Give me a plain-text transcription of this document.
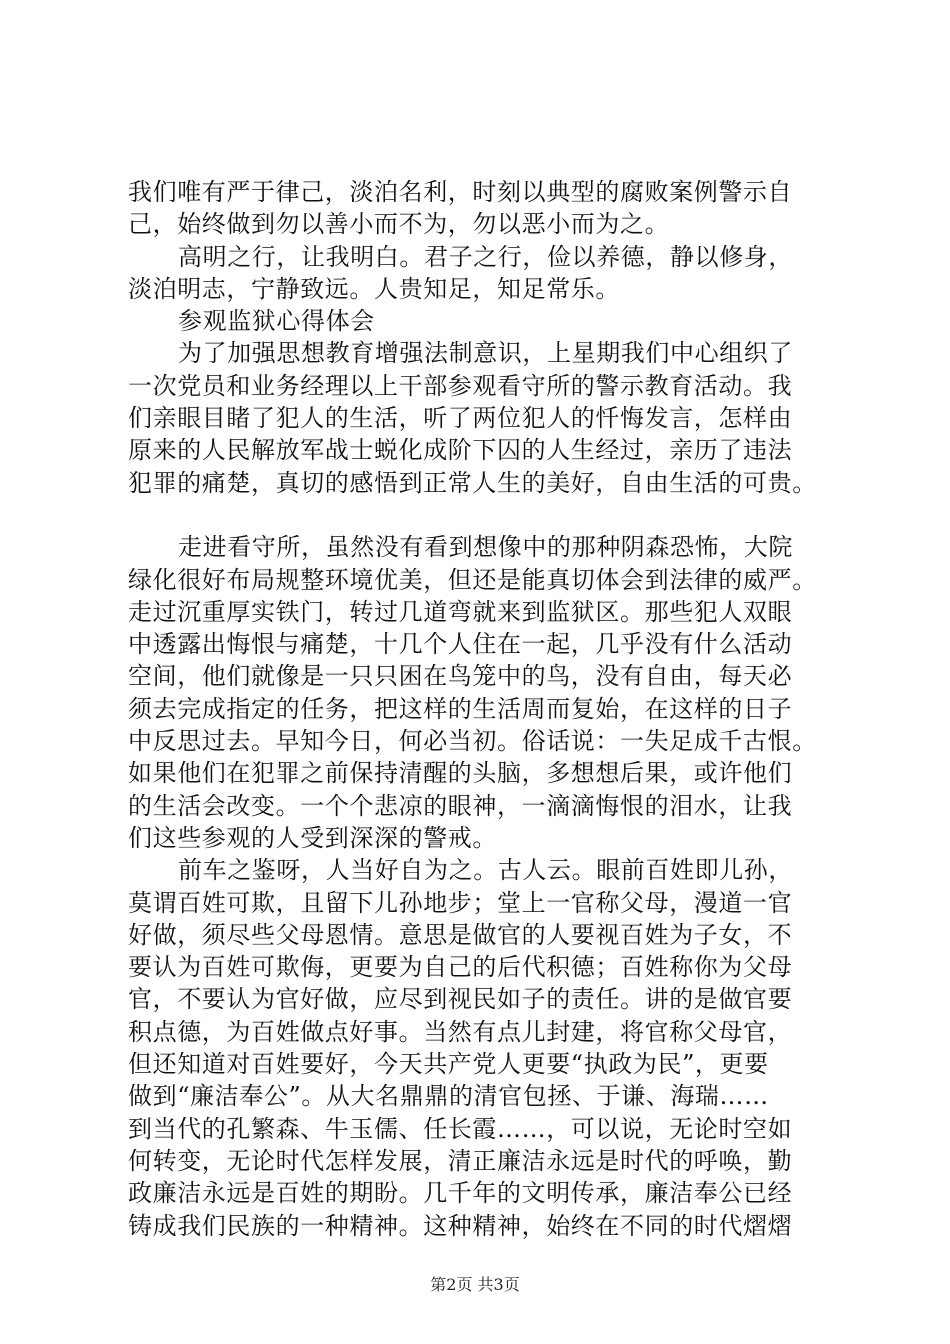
我们唯有严于律己，淡泊名利，时刻以典型的腐败案例警示自
己，始终做到勿以善小而不为，勿以恶小而为之。
高明之行，让我明白。君子之行，俭以养德，静以修身，
淡泊明志，宁静致远。人贵知足，知足常乐。
参观监狱心得体会
为了加强思想教育增强法制意识，上星期我们中心组织了
一次党员和业务经理以上干部参观看守所的警示教育活动。我
们亲眼目睹了犯人的生活，听了两位犯人的忏悔发言，怎样由
原来的人民解放军战士蜕化成阶下囚的人生经过，亲历了违法
犯罪的痛楚，真切的感悟到正常人生的美好，自由生活的可贵。
走进看守所，虽然没有看到想像中的那种阴森恐怖，大院
绿化很好布局规整环境优美，但还是能真切体会到法律的威严。
走过沉重厚实铁门，转过几道弯就来到监狱区。那些犯人双眼
中透露出悔恨与痛楚，十几个人住在一起，几乎没有什么活动
空间，他们就像是一只只困在鸟笼中的鸟，没有自由，每天必
须去完成指定的任务，把这样的生活周而复始，在这样的日子
中反思过去。早知今日，何必当初。俗话说：一失足成千古恨。
如果他们在犯罪之前保持清醒的头脑，多想想后果，或许他们
的生活会改变。一个个悲凉的眼神，一滴滴悔恨的泪水，让我
们这些参观的人受到深深的警戒。
前车之鉴呀，人当好自为之。古人云。眼前百姓即儿孙，
莫谓百姓可欺，且留下儿孙地步；堂上一官称父母，漫道一官
好做，须尽些父母恩情。意思是做官的人要视百姓为子女，不
要认为百姓可欺侮，更要为自己的后代积德；百姓称你为父母
官，不要认为官好做，应尽到视民如子的责任。讲的是做官要
积点德，为百姓做点好事。当然有点儿封建，将官称父母官，
但还知道对百姓要好，今天共产党人更要“执政为民”，更要
做到“廉洁奉公”。从大名鼎鼎的清官包拯、于谦、海瑞……
到当代的孔繁森、牛玉儒、任长霞……，可以说，无论时空如
何转变，无论时代怎样发展，清正廉洁永远是时代的呼唤，勤
政廉洁永远是百姓的期盼。几千年的文明传承，廉洁奉公已经
铸成我们民族的一种精神。这种精神，始终在不同的时代熠熠
第2页 共3页
